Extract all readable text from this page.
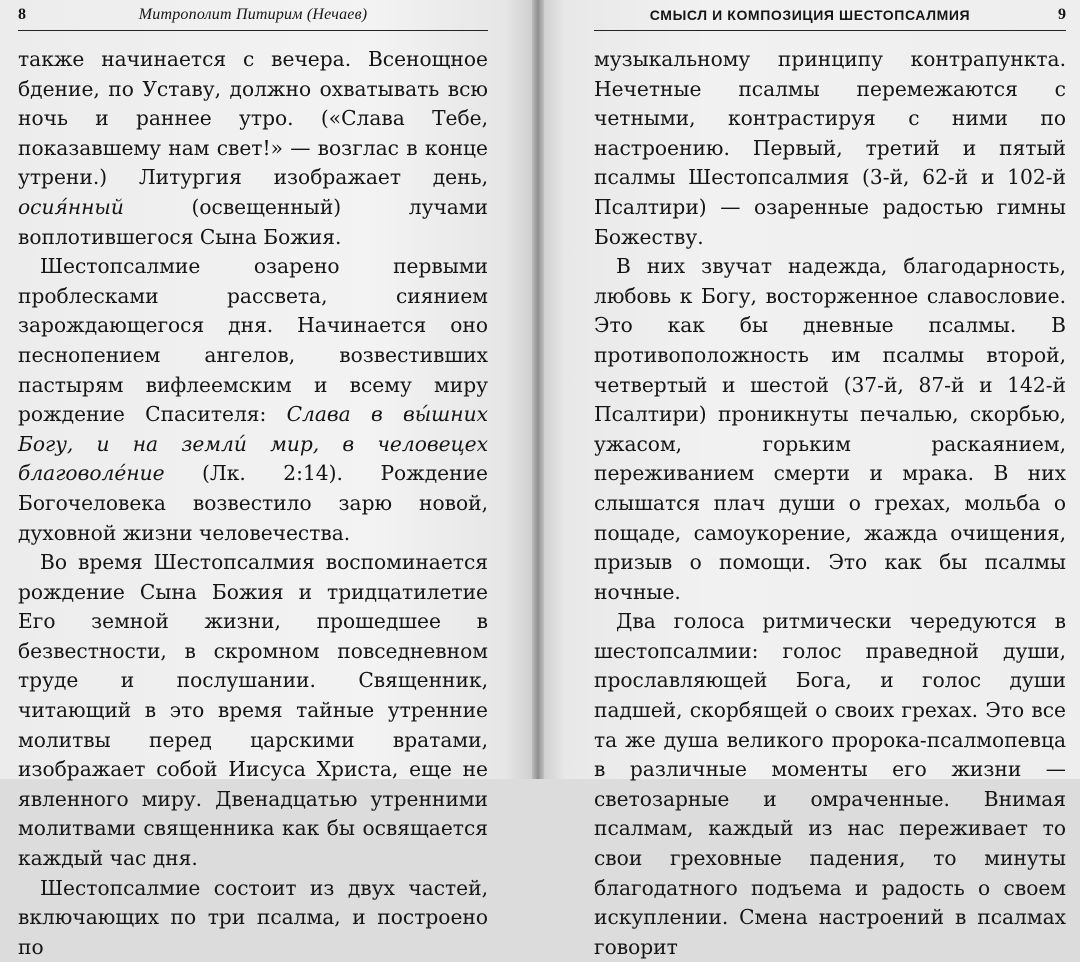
8	Митрополит Питирим (Нечаев)

также начинается с вечера. Всенощное бдение, по Уставу, должно охватывать всю ночь и раннее утро. («Слава Тебе, показавшему нам свет!» — возглас в конце утрени.) Литургия изображает день, осия́нный (освещенный) лучами воплотившегося Сына Божия.

Шестопсалмие озарено первыми проблесками рассвета, сиянием зарождающегося дня. Начинается оно песнопением ангелов, возвестивших пастырям вифлеемским и всему миру рождение Спасителя: Слава в вы́шних Богу, и на земли́ мир, в человецех благоволе́ние (Лк. 2:14). Рождение Богочеловека возвестило зарю новой, духовной жизни человечества.

Во время Шестопсалмия воспоминается рождение Сына Божия и тридцатилетие Его земной жизни, прошедшее в безвестности, в скромном повседневном труде и послушании. Священник, читающий в это время тайные утренние молитвы перед царскими вратами, изображает собой Иисуса Христа, еще не явленного миру. Двенадцатью утренними молитвами священника как бы освящается каждый час дня.

Шестопсалмие состоит из двух частей, включающих по три псалма, и построено по

СМЫСЛ И КОМПОЗИЦИЯ ШЕСТОПСАЛМИЯ	9

музыкальному принципу контрапункта. Нечетные псалмы перемежаются с четными, контрастируя с ними по настроению. Первый, третий и пятый псалмы Шестопсалмия (3-й, 62-й и 102-й Псалтири) — озаренные радостью гимны Божеству.

В них звучат надежда, благодарность, любовь к Богу, восторженное славословие. Это как бы дневные псалмы. В противоположность им псалмы второй, четвертый и шестой (37-й, 87-й и 142-й Псалтири) проникнуты печалью, скорбью, ужасом, горьким раскаянием, переживанием смерти и мрака. В них слышатся плач души о грехах, мольба о пощаде, самоукорение, жажда очищения, призыв о помощи. Это как бы псалмы ночные.

Два голоса ритмически чередуются в шестопсалмии: голос праведной души, прославляющей Бога, и голос души падшей, скорбящей о своих грехах. Это все та же душа великого пророка-псалмопевца в различные моменты его жизни — светозарные и омраченные. Внимая псалмам, каждый из нас переживает то свои греховные падения, то минуты благодатного подъема и радость о своем искуплении. Смена настроений в псалмах говорит
